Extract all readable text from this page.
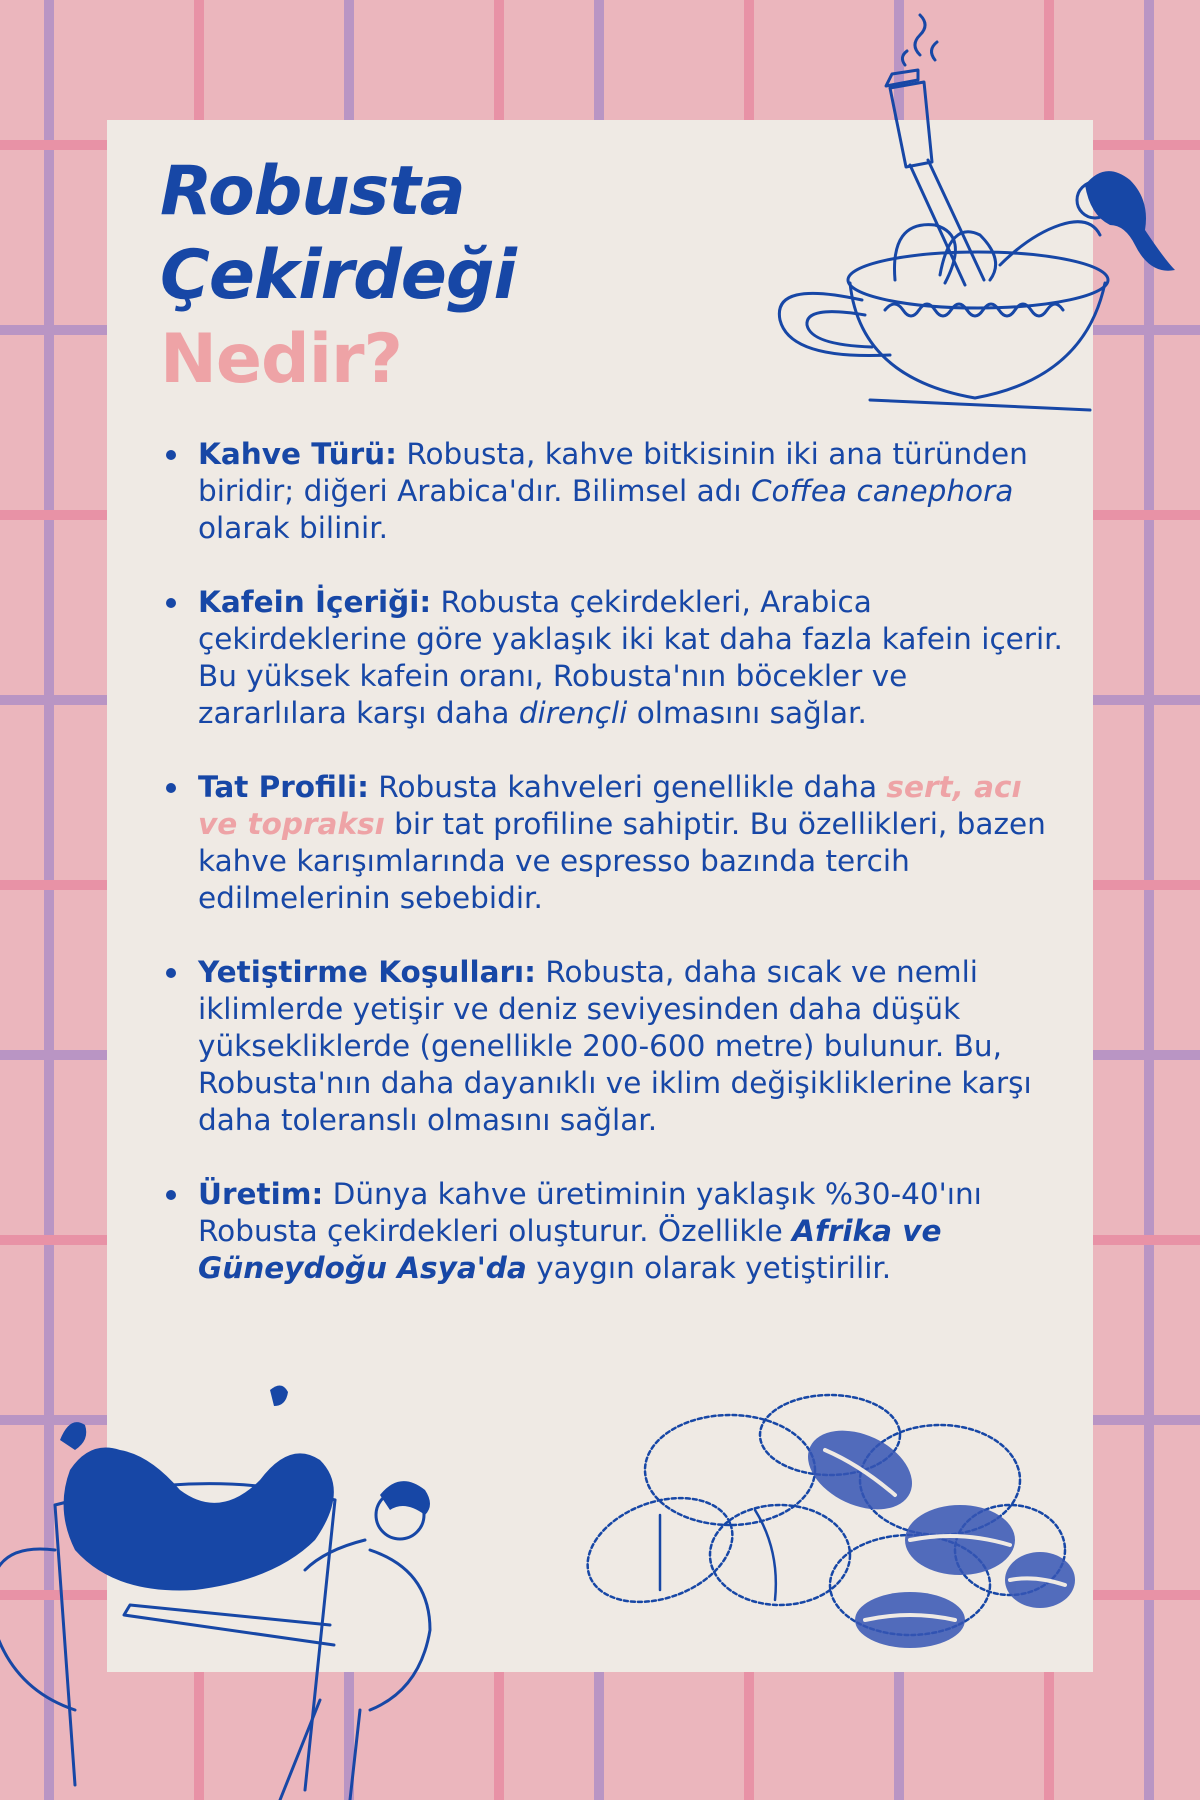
Robusta
Çekirdeği
Nedir?
Kahve Türü: Robusta, kahve bitkisinin iki ana türünden biridir; diğeri Arabica'dır. Bilimsel adı Coffea canephora olarak bilinir.
Kafein İçeriği: Robusta çekirdekleri, Arabica çekirdeklerine göre yaklaşık iki kat daha fazla kafein içerir. Bu yüksek kafein oranı, Robusta'nın böcekler ve zararlılara karşı daha dirençli olmasını sağlar.
Tat Profili: Robusta kahveleri genellikle daha sert, acı ve topraksı bir tat profiline sahiptir. Bu özellikleri, bazen kahve karışımlarında ve espresso bazında tercih edilmelerinin sebebidir.
Yetiştirme Koşulları: Robusta, daha sıcak ve nemli iklimlerde yetişir ve deniz seviyesinden daha düşük yüksekliklerde (genellikle 200-600 metre) bulunur. Bu, Robusta'nın daha dayanıklı ve iklim değişikliklerine karşı daha toleranslı olmasını sağlar.
Üretim: Dünya kahve üretiminin yaklaşık %30-40'ını Robusta çekirdekleri oluşturur. Özellikle Afrika ve Güneydoğu Asya'da yaygın olarak yetiştirilir.
